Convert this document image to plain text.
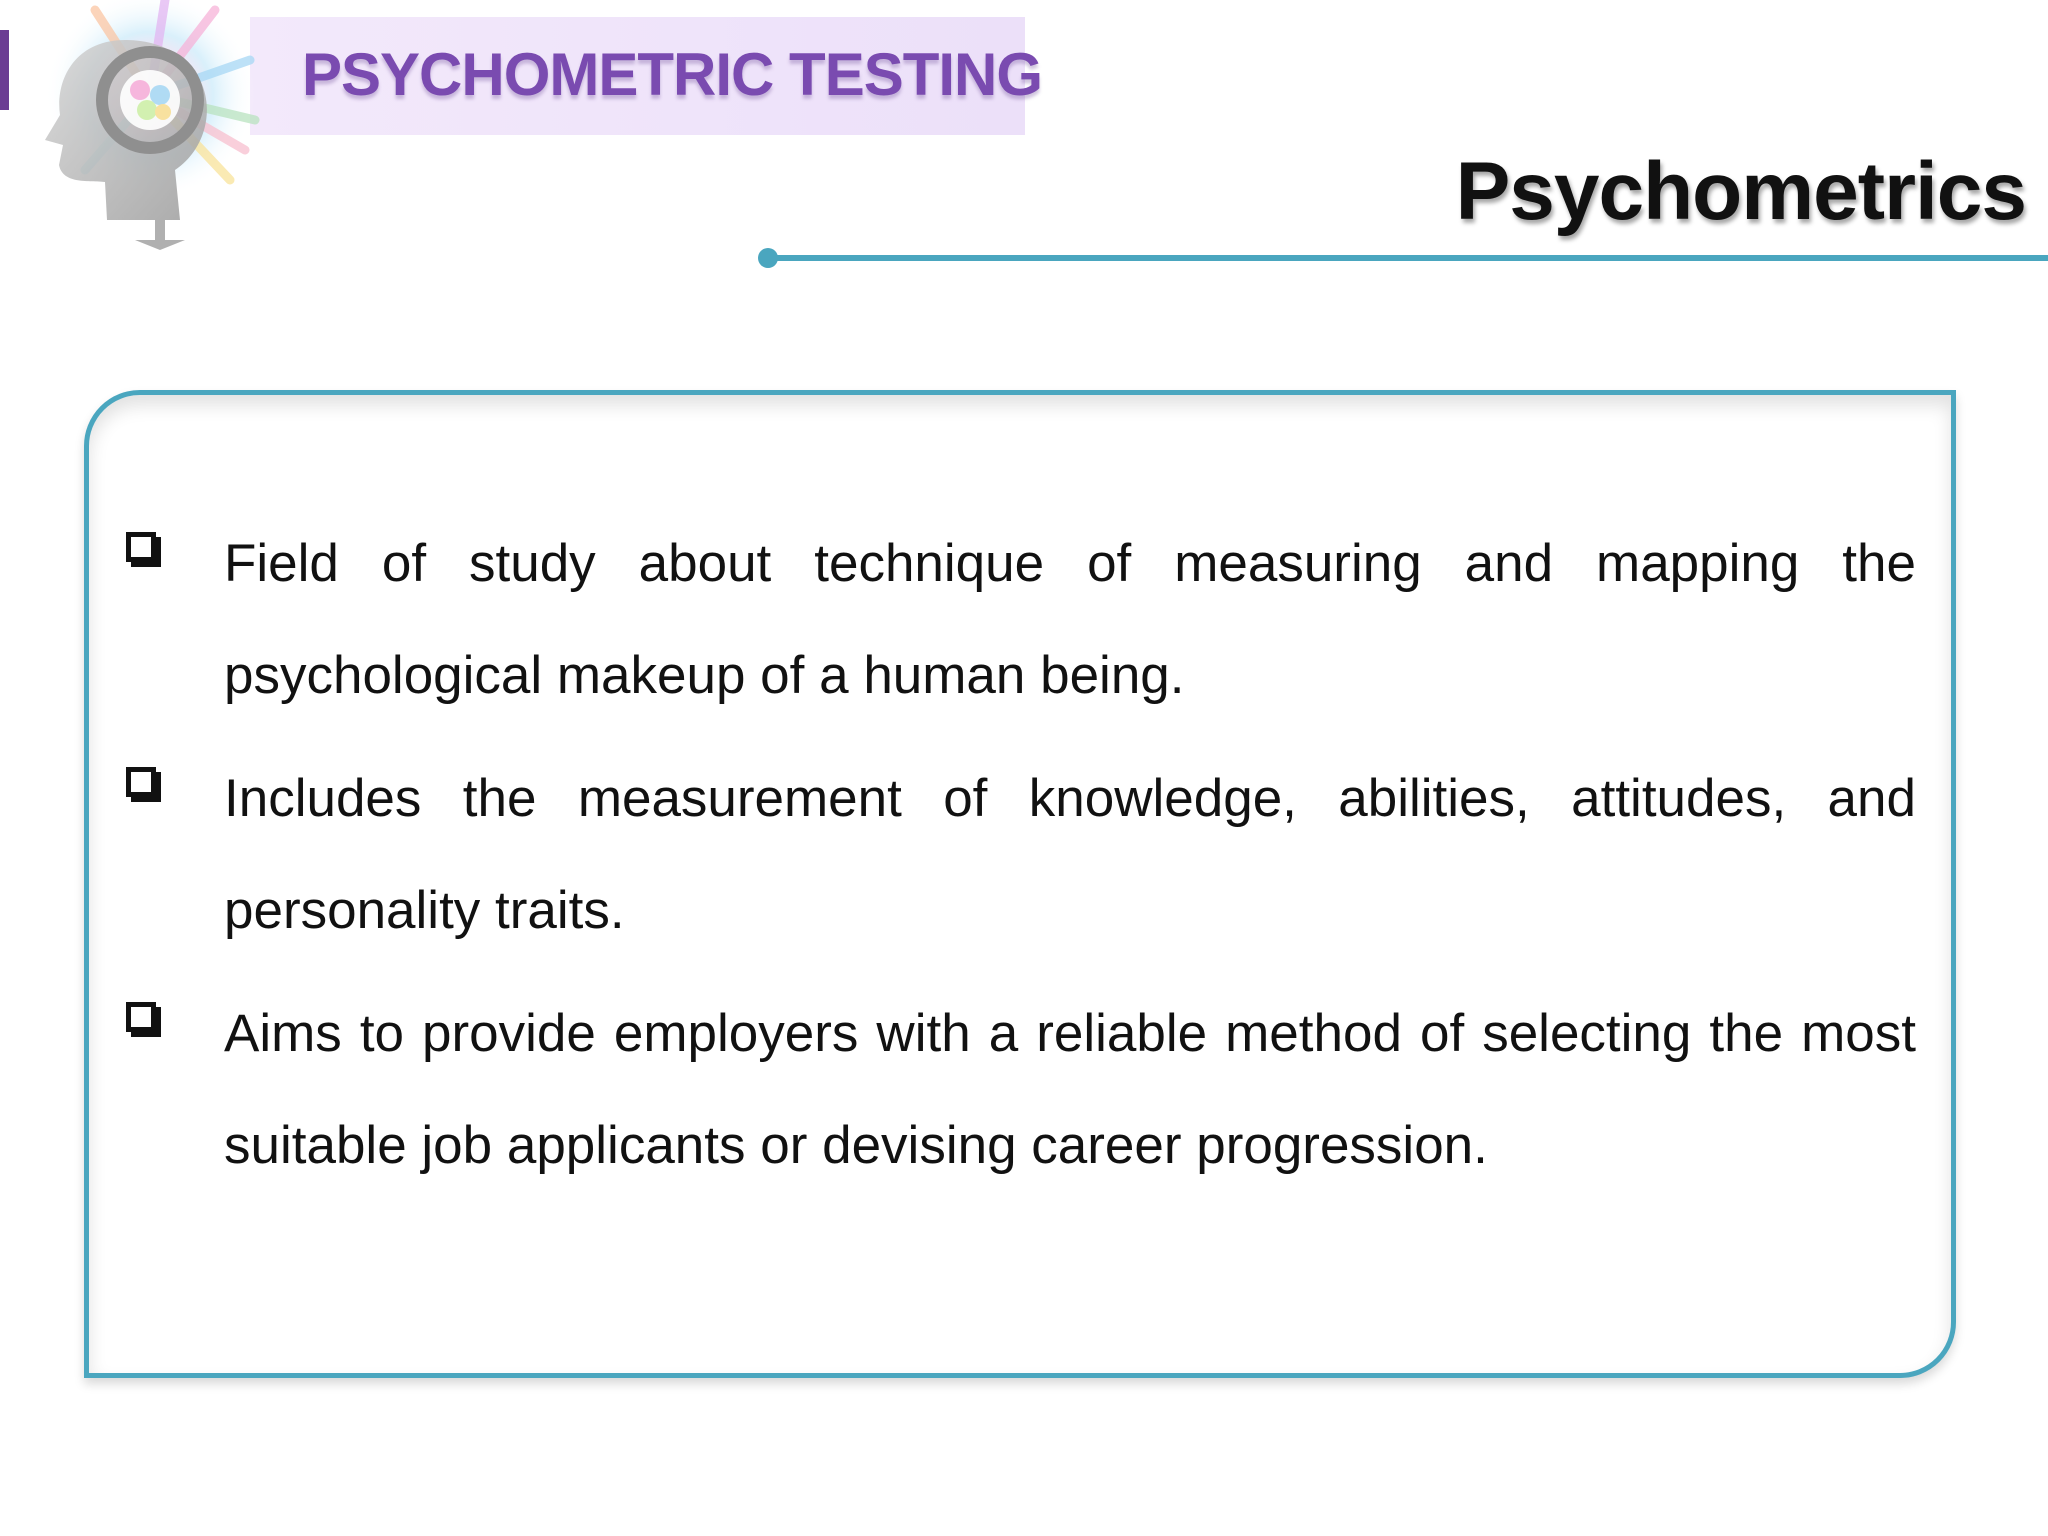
PSYCHOMETRIC TESTING
Psychometrics
Field of study about technique of measuring and mapping the psychological makeup of a human being.
Includes the measurement of knowledge, abilities, attitudes, and personality traits.
Aims to provide employers with a reliable method of selecting the most suitable job applicants or devising career progression.
